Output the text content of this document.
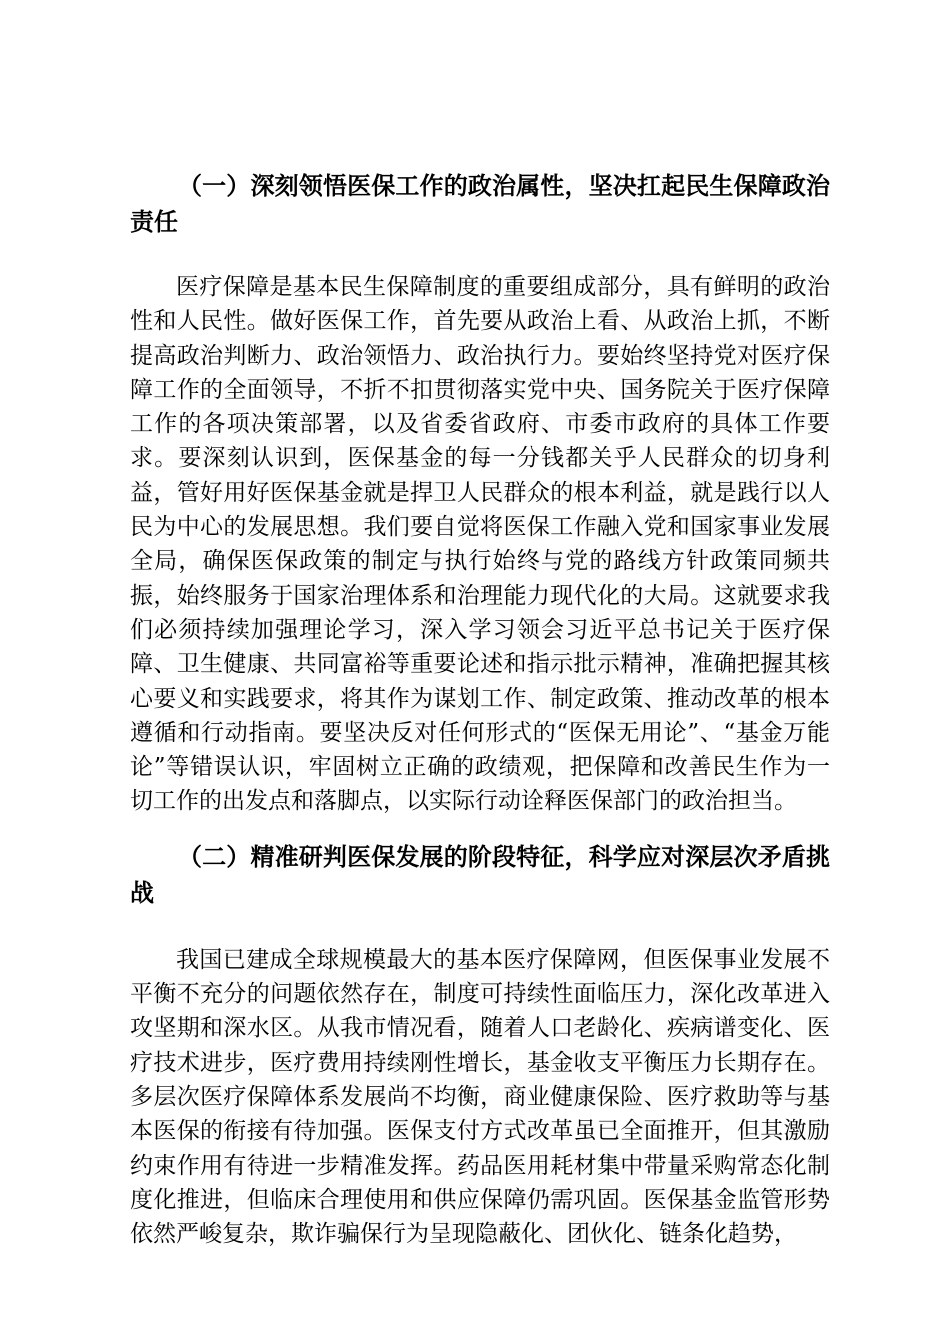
（一）深刻领悟医保工作的政治属性，坚决扛起民生保障政治责任

医疗保障是基本民生保障制度的重要组成部分，具有鲜明的政治性和人民性。做好医保工作，首先要从政治上看、从政治上抓，不断提高政治判断力、政治领悟力、政治执行力。要始终坚持党对医疗保障工作的全面领导，不折不扣贯彻落实党中央、国务院关于医疗保障工作的各项决策部署，以及省委省政府、市委市政府的具体工作要求。要深刻认识到，医保基金的每一分钱都关乎人民群众的切身利益，管好用好医保基金就是捍卫人民群众的根本利益，就是践行以人民为中心的发展思想。我们要自觉将医保工作融入党和国家事业发展全局，确保医保政策的制定与执行始终与党的路线方针政策同频共振，始终服务于国家治理体系和治理能力现代化的大局。这就要求我们必须持续加强理论学习，深入学习领会习近平总书记关于医疗保障、卫生健康、共同富裕等重要论述和指示批示精神，准确把握其核心要义和实践要求，将其作为谋划工作、制定政策、推动改革的根本遵循和行动指南。要坚决反对任何形式的“医保无用论”、“基金万能论”等错误认识，牢固树立正确的政绩观，把保障和改善民生作为一切工作的出发点和落脚点，以实际行动诠释医保部门的政治担当。

（二）精准研判医保发展的阶段特征，科学应对深层次矛盾挑战

我国已建成全球规模最大的基本医疗保障网，但医保事业发展不平衡不充分的问题依然存在，制度可持续性面临压力，深化改革进入攻坚期和深水区。从我市情况看，随着人口老龄化、疾病谱变化、医疗技术进步，医疗费用持续刚性增长，基金收支平衡压力长期存在。多层次医疗保障体系发展尚不均衡，商业健康保险、医疗救助等与基本医保的衔接有待加强。医保支付方式改革虽已全面推开，但其激励约束作用有待进一步精准发挥。药品医用耗材集中带量采购常态化制度化推进，但临床合理使用和供应保障仍需巩固。医保基金监管形势依然严峻复杂，欺诈骗保行为呈现隐蔽化、团伙化、链条化趋势，
